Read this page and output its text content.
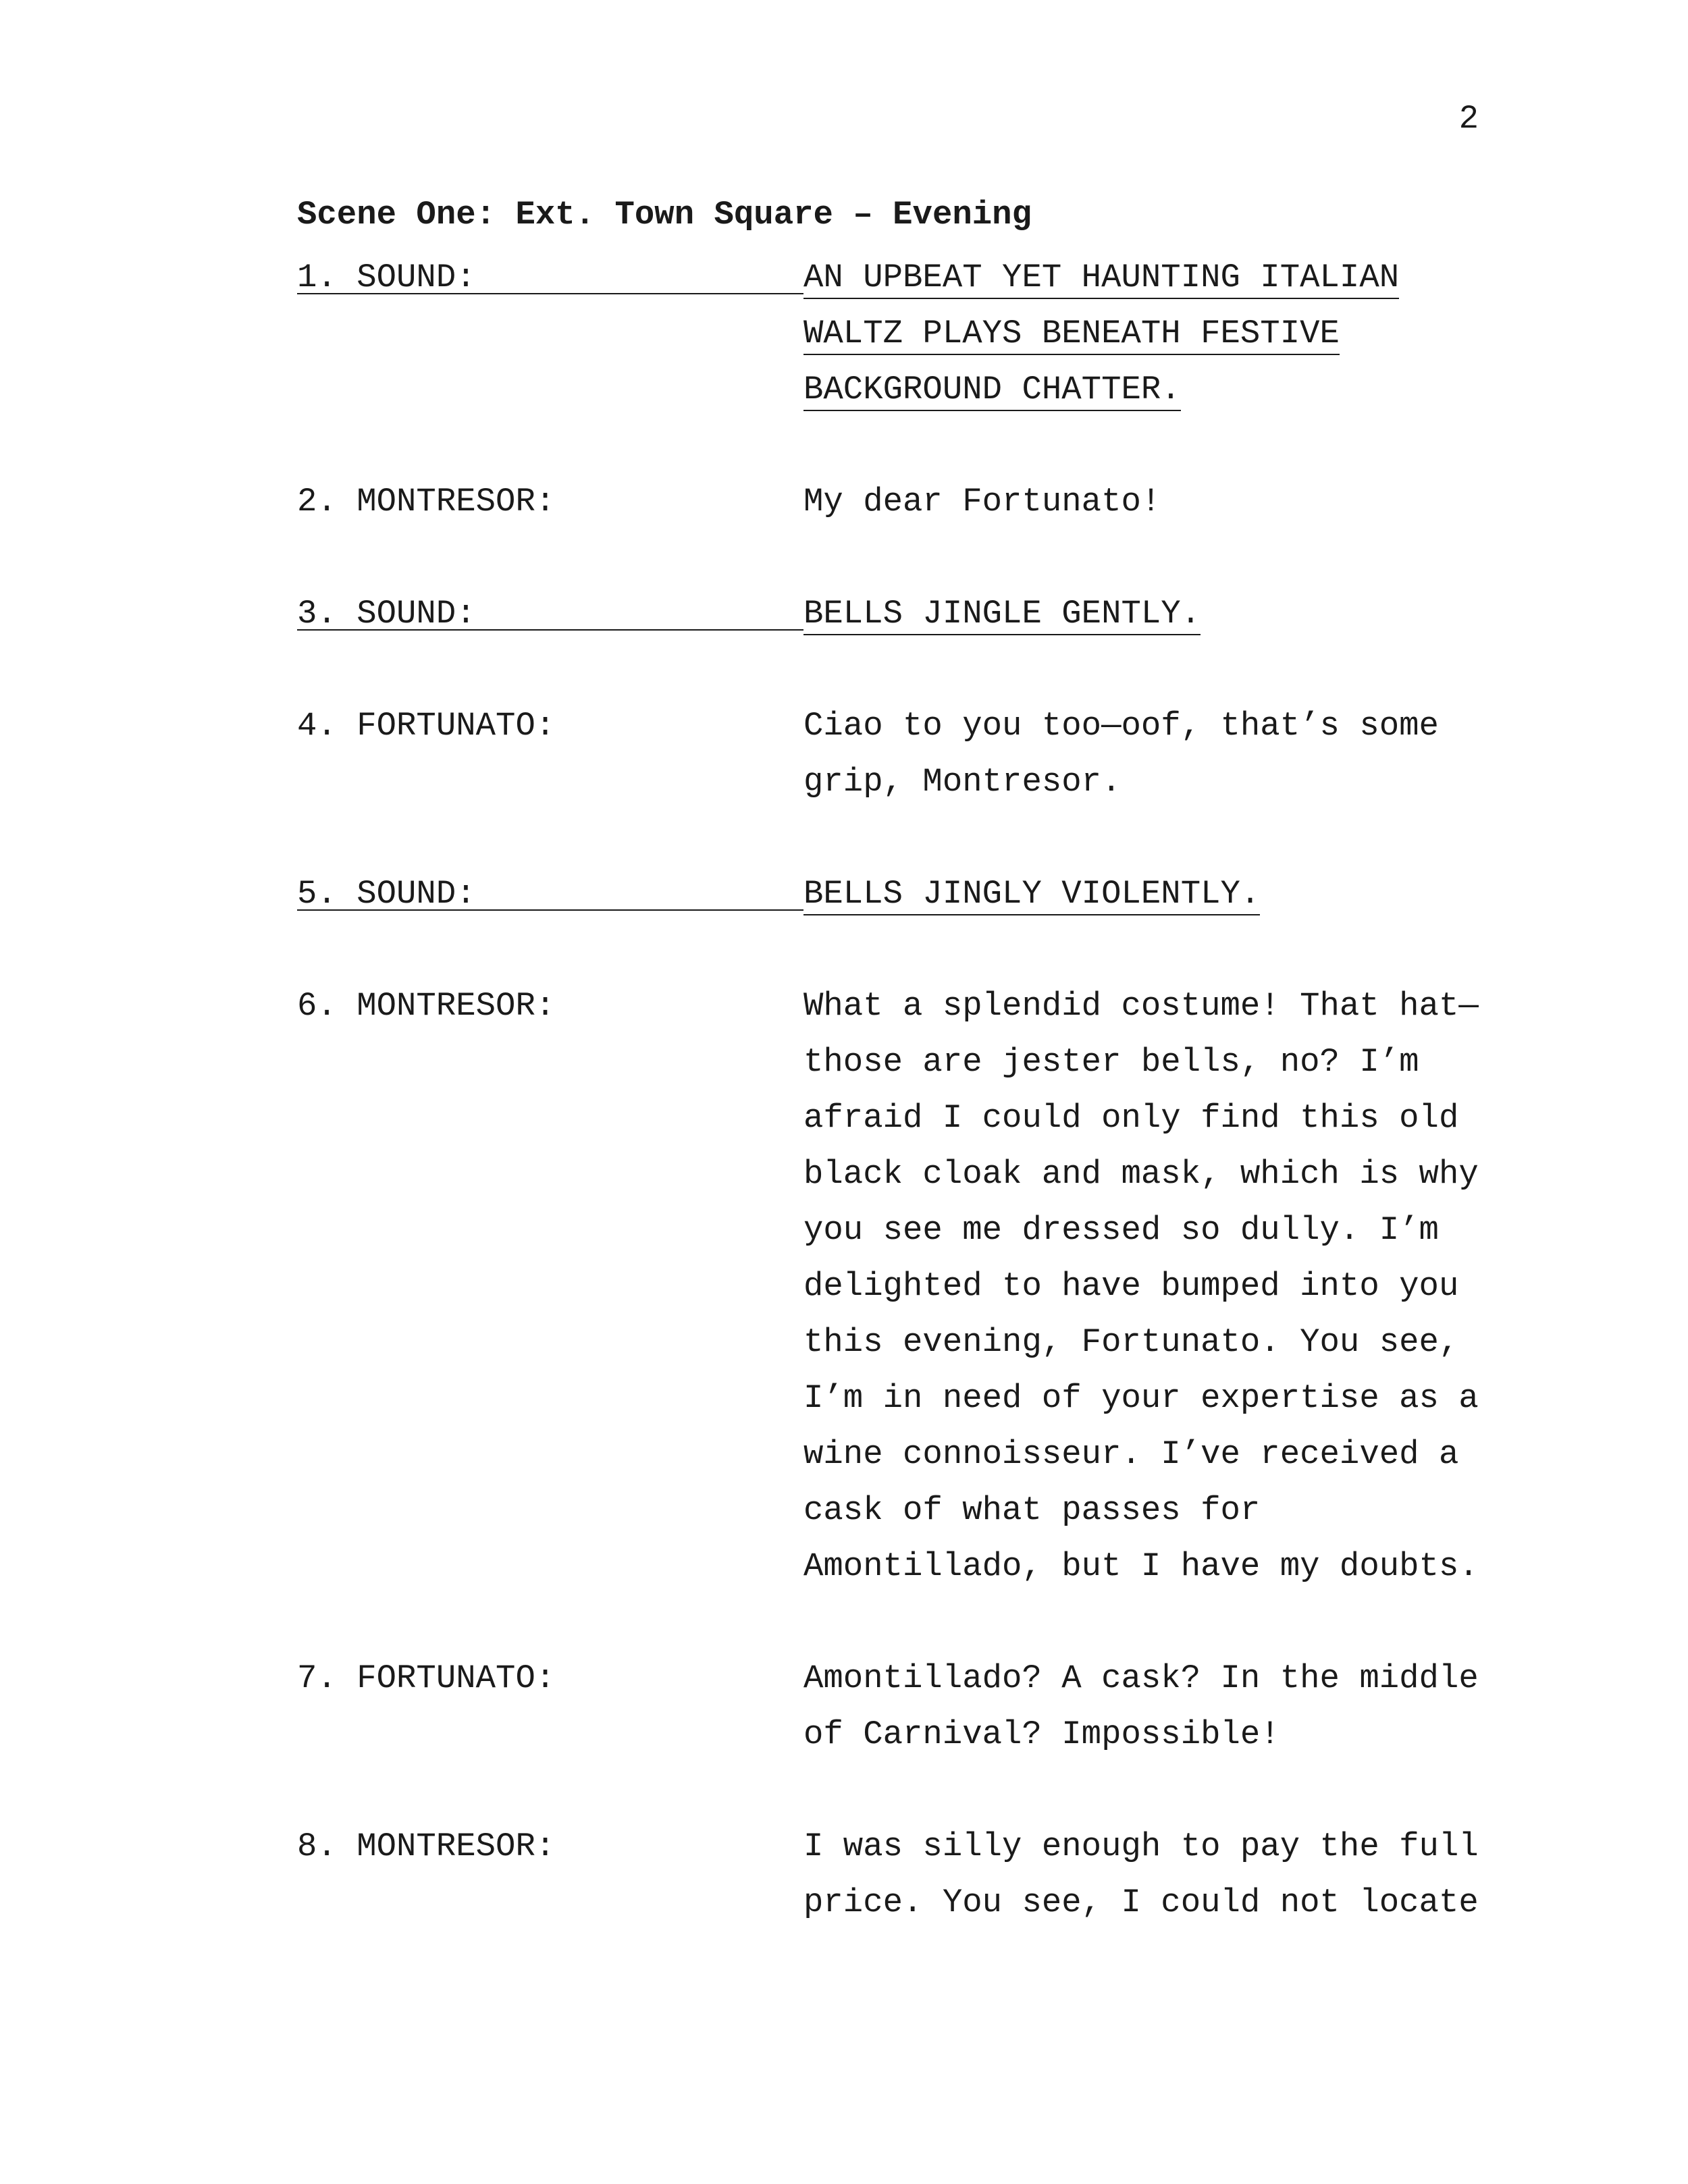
2
Scene One: Ext. Town Square – Evening
1. SOUND:	AN UPBEAT YET HAUNTING ITALIAN
WALTZ PLAYS BENEATH FESTIVE
BACKGROUND CHATTER.
2. MONTRESOR:	My dear Fortunato!
3. SOUND:	BELLS JINGLE GENTLY.
4. FORTUNATO:	Ciao to you too—oof, that’s some
grip, Montresor.
5. SOUND:	BELLS JINGLY VIOLENTLY.
6. MONTRESOR:	What a splendid costume! That hat—
those are jester bells, no? I’m
afraid I could only find this old
black cloak and mask, which is why
you see me dressed so dully. I’m
delighted to have bumped into you
this evening, Fortunato. You see,
I’m in need of your expertise as a
wine connoisseur. I’ve received a
cask of what passes for
Amontillado, but I have my doubts.
7. FORTUNATO:	Amontillado? A cask? In the middle
of Carnival? Impossible!
8. MONTRESOR:	I was silly enough to pay the full
price. You see, I could not locate
